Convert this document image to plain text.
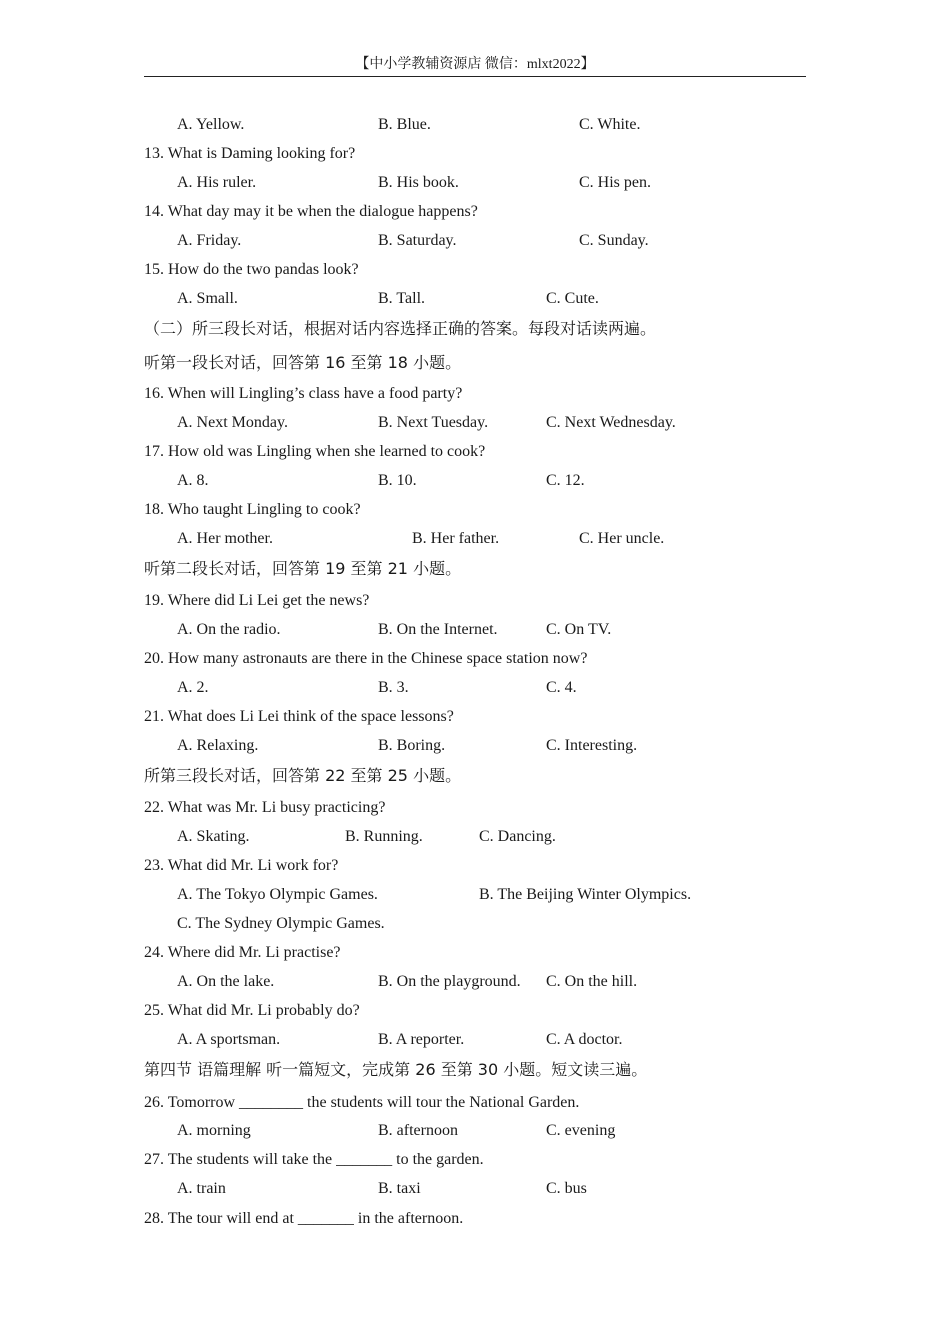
【中小学教辅资源店 微信：mlxt2022】
A. Yellow.	B. Blue.	C. White.
13. What is Daming looking for?
A. His ruler.	B. His book.	C. His pen.
14. What day may it be when the dialogue happens?
A. Friday.	B. Saturday.	C. Sunday.
15. How do the two pandas look?
A. Small.	B. Tall.	C. Cute.
（二）所三段长对话，根据对话内容选择正确的答案。每段对话读两遍。
听第一段长对话，回答第 16 至第 18 小题。
16. When will Lingling’s class have a food party?
A. Next Monday.	B. Next Tuesday.	C. Next Wednesday.
17. How old was Lingling when she learned to cook?
A. 8.	B. 10.	C. 12.
18. Who taught Lingling to cook?
A. Her mother.	B. Her father.	C. Her uncle.
听第二段长对话，回答第 19 至第 21 小题。
19. Where did Li Lei get the news?
A. On the radio.	B. On the Internet.	C. On TV.
20. How many astronauts are there in the Chinese space station now?
A. 2.	B. 3.	C. 4.
21. What does Li Lei think of the space lessons?
A. Relaxing.	B. Boring.	C. Interesting.
所第三段长对话，回答第 22 至第 25 小题。
22. What was Mr. Li busy practicing?
A. Skating.	B. Running.	C. Dancing.
23. What did Mr. Li work for?
A. The Tokyo Olympic Games.	B. The Beijing Winter Olympics.
C. The Sydney Olympic Games.
24. Where did Mr. Li practise?
A. On the lake.	B. On the playground. C. On the hill.
25. What did Mr. Li probably do?
A. A sportsman.	B. A reporter.	C. A doctor.
第四节 语篇理解 听一篇短文，完成第 26 至第 30 小题。短文读三遍。
26. Tomorrow ________ the students will tour the National Garden.
A. morning	B. afternoon	C. evening
27. The students will take the _______ to the garden.
A. train	B. taxi	C. bus
28. The tour will end at _______ in the afternoon.
